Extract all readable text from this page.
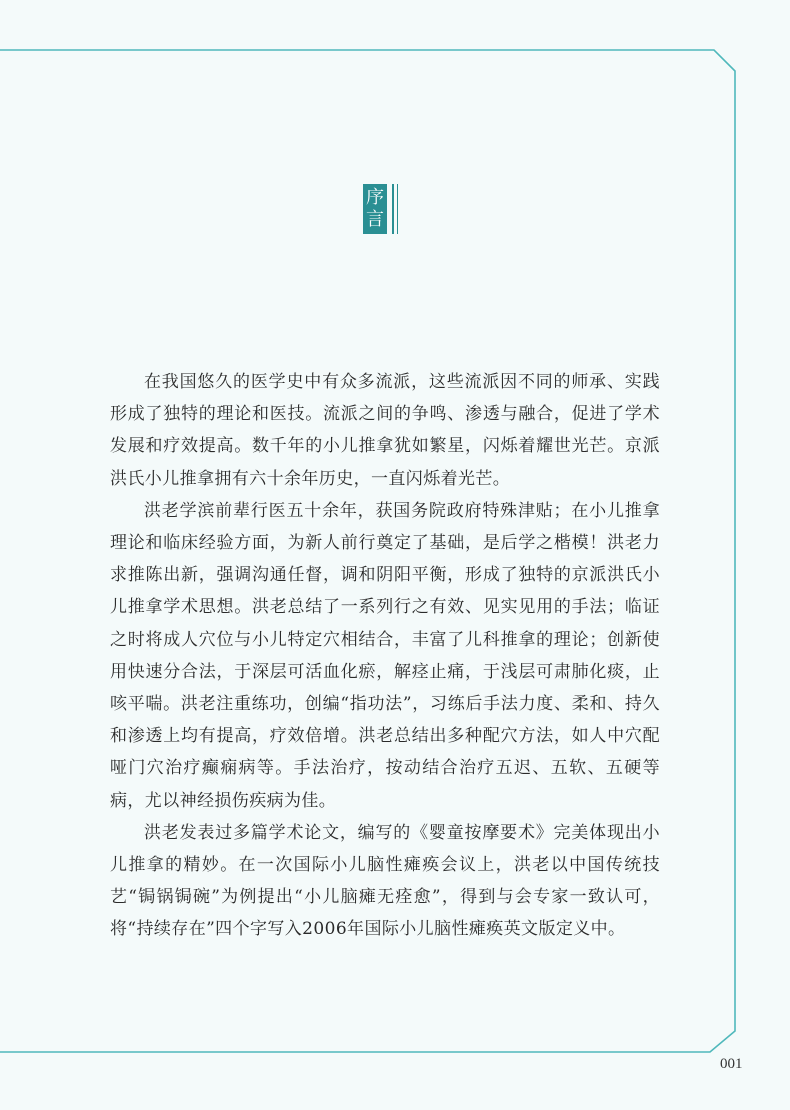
序
言

在我国悠久的医学史中有众多流派，这些流派因不同的师承、实践形成了独特的理论和医技。流派之间的争鸣、渗透与融合，促进了学术发展和疗效提高。数千年的小儿推拿犹如繁星，闪烁着耀世光芒。京派洪氏小儿推拿拥有六十余年历史，一直闪烁着光芒。

洪老学滨前辈行医五十余年，获国务院政府特殊津贴；在小儿推拿理论和临床经验方面，为新人前行奠定了基础，是后学之楷模！洪老力求推陈出新，强调沟通任督，调和阴阳平衡，形成了独特的京派洪氏小儿推拿学术思想。洪老总结了一系列行之有效、见实见用的手法；临证之时将成人穴位与小儿特定穴相结合，丰富了儿科推拿的理论；创新使用快速分合法，于深层可活血化瘀，解痉止痛，于浅层可肃肺化痰，止咳平喘。洪老注重练功，创编“指功法”，习练后手法力度、柔和、持久和渗透上均有提高，疗效倍增。洪老总结出多种配穴方法，如人中穴配哑门穴治疗癫痫病等。手法治疗，按动结合治疗五迟、五软、五硬等病，尤以神经损伤疾病为佳。

洪老发表过多篇学术论文，编写的《婴童按摩要术》完美体现出小儿推拿的精妙。在一次国际小儿脑性瘫痪会议上，洪老以中国传统技艺“锔锅锔碗”为例提出“小儿脑瘫无痊愈”，得到与会专家一致认可，将“持续存在”四个字写入2006年国际小儿脑性瘫痪英文版定义中。

001
